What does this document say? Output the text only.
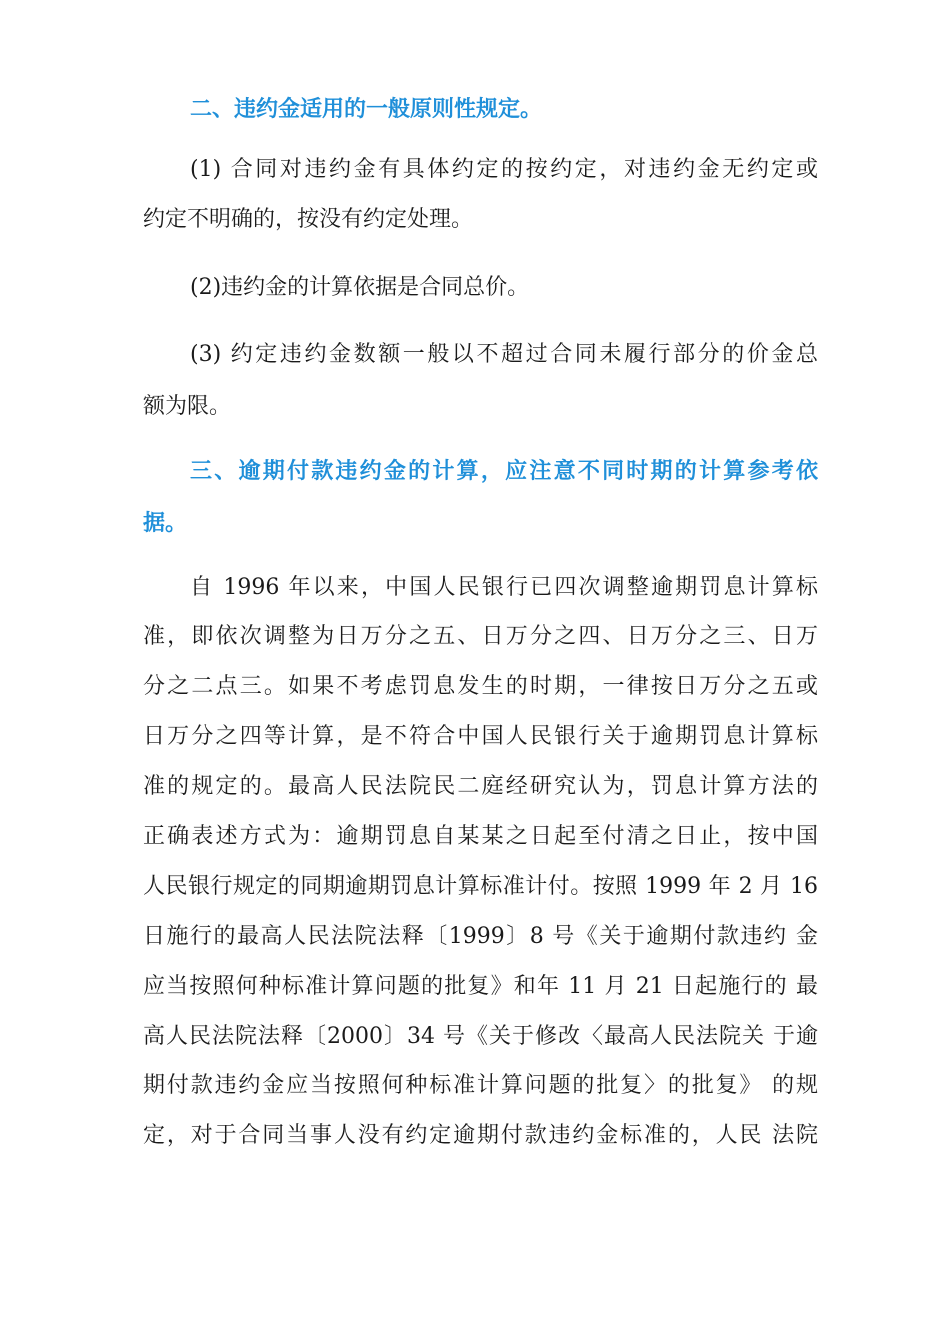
二、违约金适用的一般原则性规定。
(1) 合同对违约金有具体约定的按约定，对违约金无约定或
约定不明确的，按没有约定处理。
(2)违约金的计算依据是合同总价。
(3) 约定违约金数额一般以不超过合同未履行部分的价金总
额为限。
三、逾期付款违约金的计算，应注意不同时期的计算参考依
据。
自 1996 年以来，中国人民银行已四次调整逾期罚息计算标
准，即依次调整为日万分之五、日万分之四、日万分之三、日万
分之二点三。如果不考虑罚息发生的时期，一律按日万分之五或
日万分之四等计算，是不符合中国人民银行关于逾期罚息计算标
准的规定的。最高人民法院民二庭经研究认为，罚息计算方法的
正确表述方式为：逾期罚息自某某之日起至付清之日止，按中国
人民银行规定的同期逾期罚息计算标准计付。按照 1999 年 2 月 16
日施行的最高人民法院法释〔1999〕8 号《关于逾期付款违约 金
应当按照何种标准计算问题的批复》和年 11 月 21 日起施行的 最
高人民法院法释〔2000〕34 号《关于修改〈最高人民法院关 于逾
期付款违约金应当按照何种标准计算问题的批复〉的批复》 的规
定，对于合同当事人没有约定逾期付款违约金标准的，人民 法院
